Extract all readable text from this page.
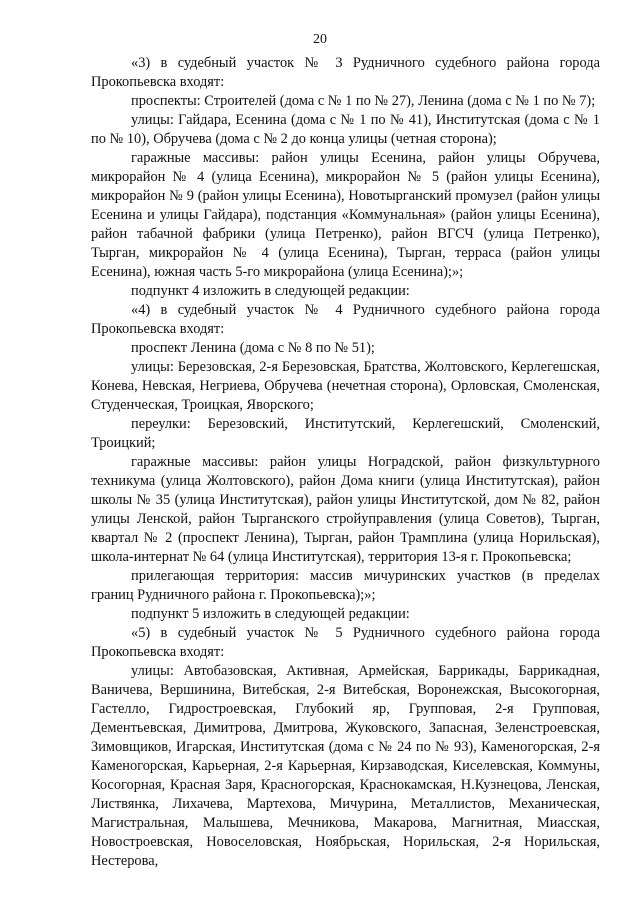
20

«3) в судебный участок № 3 Рудничного судебного района города Прокопьевска входят:

проспекты: Строителей (дома с № 1 по № 27), Ленина (дома с № 1 по № 7);

улицы: Гайдара, Есенина (дома с № 1 по № 41), Институтская (дома с № 1 по № 10), Обручева (дома с № 2 до конца улицы (четная сторона);

гаражные массивы: район улицы Есенина, район улицы Обручева, микрорайон № 4 (улица Есенина), микрорайон № 5 (район улицы Есенина), микрорайон № 9 (район улицы Есенина), Новотырганский промузел (район улицы Есенина и улицы Гайдара), подстанция «Коммунальная» (район улицы Есенина), район табачной фабрики (улица Петренко), район ВГСЧ (улица Петренко), Тырган, микрорайон № 4 (улица Есенина), Тырган, терраса (район улицы Есенина), южная часть 5-го микрорайона (улица Есенина);»;

подпункт 4 изложить в следующей редакции:

«4) в судебный участок № 4 Рудничного судебного района города Прокопьевска входят:

проспект Ленина (дома с № 8 по № 51);

улицы: Березовская, 2-я Березовская, Братства, Жолтовского, Керлегешская, Конева, Невская, Негриева, Обручева (нечетная сторона), Орловская, Смоленская, Студенческая, Троицкая, Яворского;

переулки: Березовский, Институтский, Керлегешский, Смоленский, Троицкий;

гаражные массивы: район улицы Ноградской, район физкультурного техникума (улица Жолтовского), район Дома книги (улица Институтская), район школы № 35 (улица Институтская), район улицы Институтской, дом № 82, район улицы Ленской, район Тырганского стройуправления (улица Советов), Тырган, квартал № 2 (проспект Ленина), Тырган, район Трамплина (улица Норильская), школа-интернат № 64 (улица Институтская), территория 13-я г. Прокопьевска;

прилегающая территория: массив мичуринских участков (в пределах границ Рудничного района г. Прокопьевска);»;

подпункт 5 изложить в следующей редакции:

«5) в судебный участок № 5 Рудничного судебного района города Прокопьевска входят:

улицы: Автобазовская, Активная, Армейская, Баррикады, Баррикадная, Ваничева, Вершинина, Витебская, 2-я Витебская, Воронежская, Высокогорная, Гастелло, Гидростроевская, Глубокий яр, Групповая, 2-я Групповая, Дементьевская, Димитрова, Дмитрова, Жуковского, Запасная, Зеленстроевская, Зимовщиков, Игарская, Институтская (дома с № 24 по № 93), Каменогорская, 2-я Каменогорская, Карьерная, 2-я Карьерная, Кирзаводская, Киселевская, Коммуны, Косогорная, Красная Заря, Красногорская, Краснокамская, Н.Кузнецова, Ленская, Листвянка, Лихачева, Мартехова, Мичурина, Металлистов, Механическая, Магистральная, Малышева, Мечникова, Макарова, Магнитная, Миасская, Новостроевская, Новоселовская, Ноябрьская, Норильская, 2-я Норильская, Нестерова,
